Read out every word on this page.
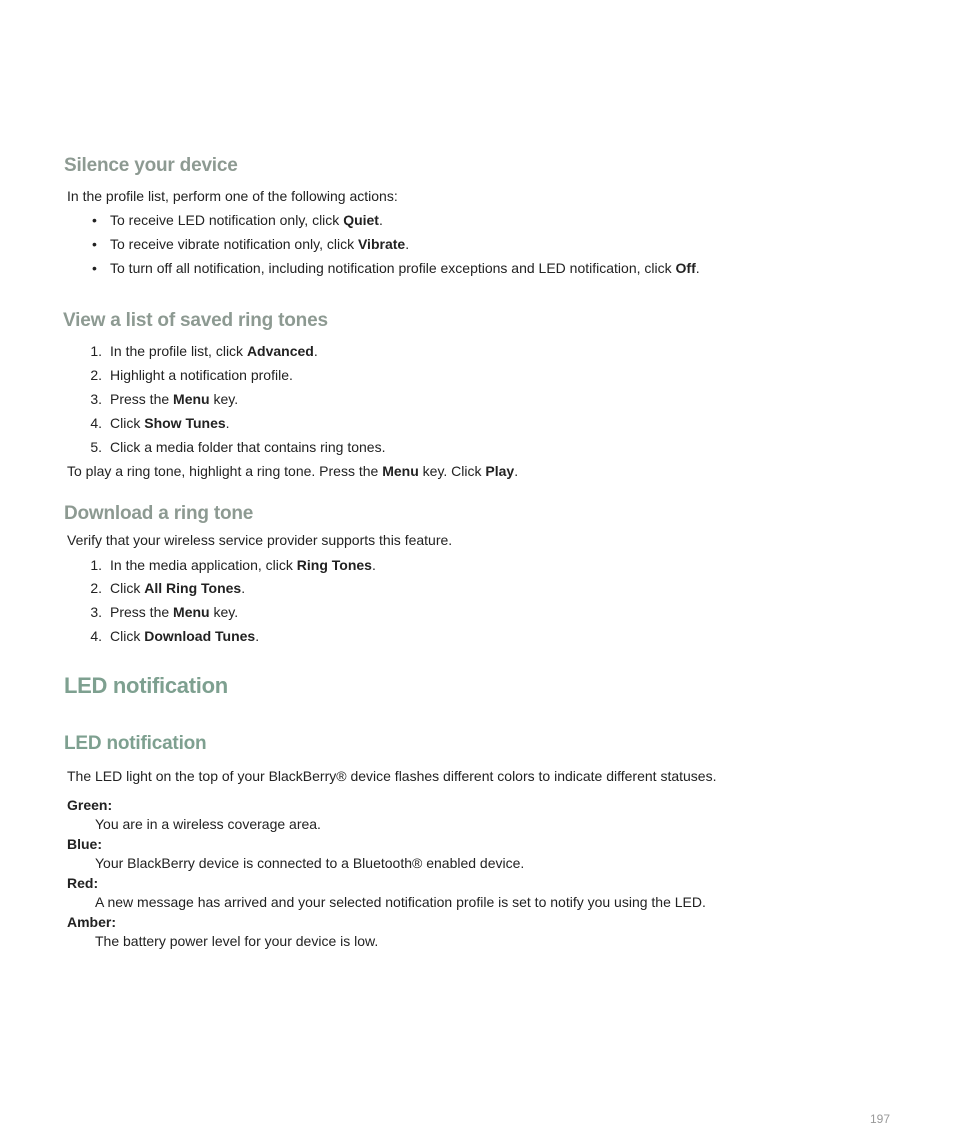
Silence your device
In the profile list, perform one of the following actions:
• To receive LED notification only, click Quiet.
• To receive vibrate notification only, click Vibrate.
• To turn off all notification, including notification profile exceptions and LED notification, click Off.
View a list of saved ring tones
1. In the profile list, click Advanced.
2. Highlight a notification profile.
3. Press the Menu key.
4. Click Show Tunes.
5. Click a media folder that contains ring tones.
To play a ring tone, highlight a ring tone. Press the Menu key. Click Play.
Download a ring tone
Verify that your wireless service provider supports this feature.
1. In the media application, click Ring Tones.
2. Click All Ring Tones.
3. Press the Menu key.
4. Click Download Tunes.
LED notification
LED notification
The LED light on the top of your BlackBerry® device flashes different colors to indicate different statuses.
Green:
You are in a wireless coverage area.
Blue:
Your BlackBerry device is connected to a Bluetooth® enabled device.
Red:
A new message has arrived and your selected notification profile is set to notify you using the LED.
Amber:
The battery power level for your device is low.
197
